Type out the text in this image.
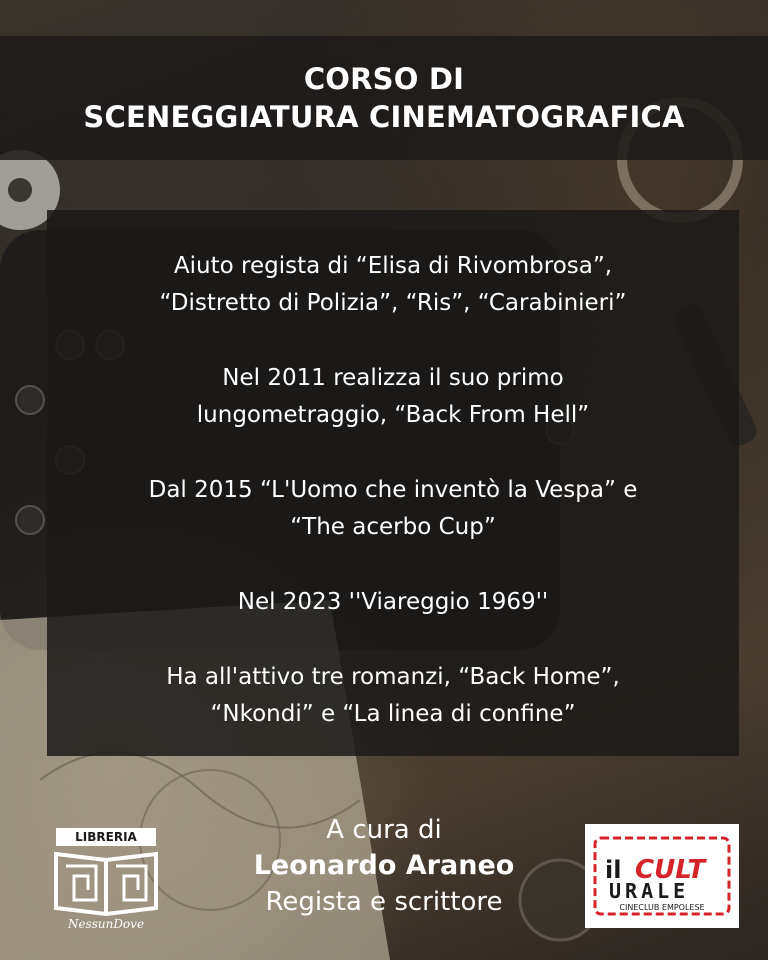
CORSO DI
SCENEGGIATURA CINEMATOGRAFICA
Aiuto regista di “Elisa di Rivombrosa”,
“Distretto di Polizia”, “Ris”, “Carabinieri”
Nel 2011 realizza il suo primo
lungometraggio, “Back From Hell”
Dal 2015 “L'Uomo che inventò la Vespa” e
“The acerbo Cup”
Nel 2023 ''Viareggio 1969''
Ha all'attivo tre romanzi, “Back Home”,
“Nkondi” e “La linea di confine”
A cura di
Leonardo Araneo
Regista e scrittore
LIBRERIA
NessunDove
il CULT
URALE
CINECLUB EMPOLESE
